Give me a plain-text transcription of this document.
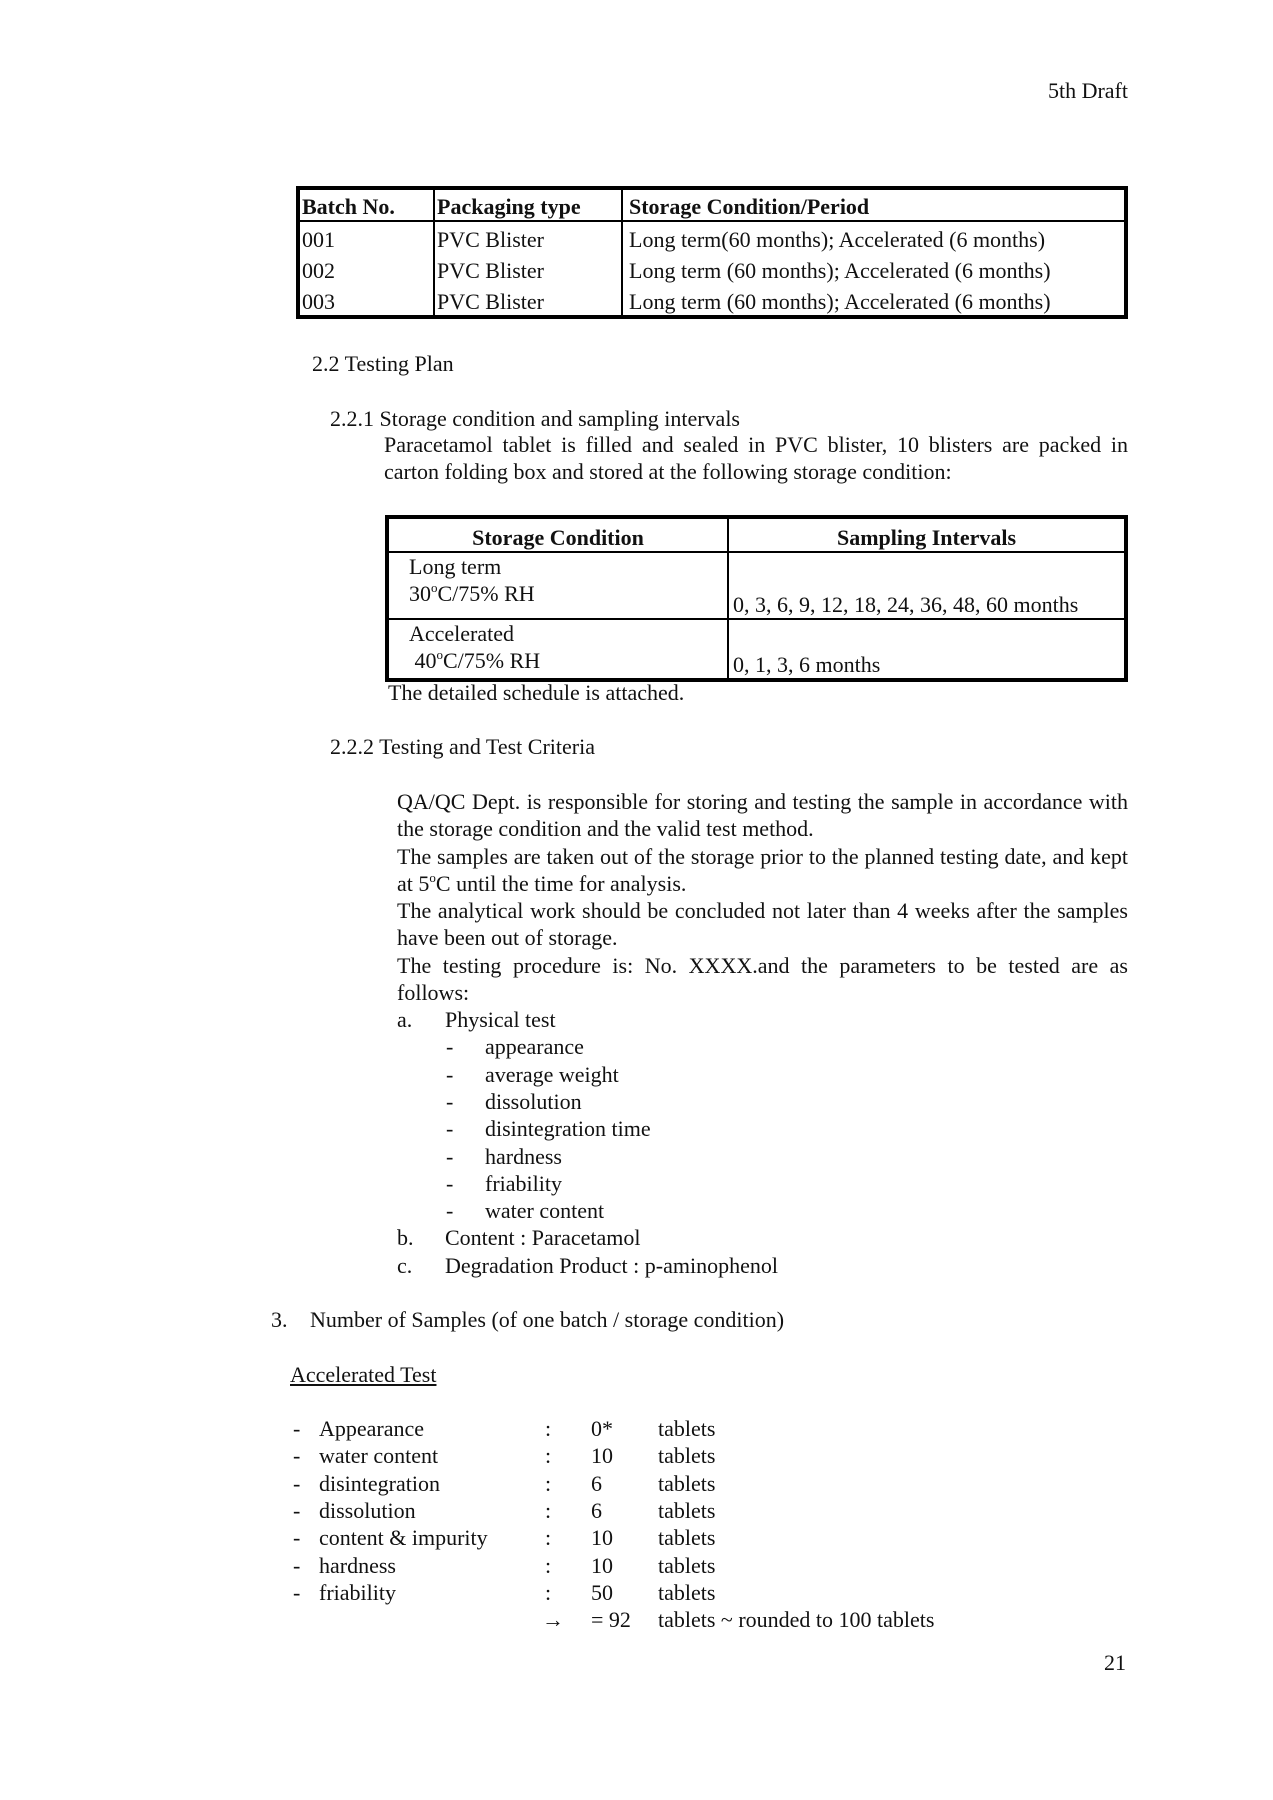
5th Draft
Batch No.	Packaging type	Storage Condition/Period
001	PVC Blister	Long term(60 months); Accelerated (6 months)
002	PVC Blister	Long term (60 months); Accelerated (6 months)
003	PVC Blister	Long term (60 months); Accelerated (6 months)
2.2 Testing Plan
2.2.1 Storage condition and sampling intervals
Paracetamol tablet is filled and sealed in PVC blister, 10 blisters are packed in carton folding box and stored at the following storage condition:
Storage Condition	Sampling Intervals
Long term
30$^o$C/75% RH	0, 3, 6, 9, 12, 18, 24, 36, 48, 60 months
Accelerated
40$^o$C/75% RH	0, 1, 3, 6 months
The detailed schedule is attached.
2.2.2 Testing and Test Criteria

QA/QC Dept. is responsible for storing and testing the sample in accordance with the storage condition and the valid test method.

The samples are taken out of the storage prior to the planned testing date, and kept at 5$^o$C until the time for analysis.

The analytical work should be concluded not later than 4 weeks after the samples have been out of storage.

The testing procedure is: No. XXXX.and the parameters to be tested are as follows:

a. Physical test
- appearance
- average weight
- dissolution
- disintegration time
- hardness
- friability
- water content
b. Content : Paracetamol
c. Degradation Product : p-aminophenol
3. Number of Samples (of one batch / storage condition)
Accelerated Test
- Appearance	: 0* tablets
- water content	: 10 tablets
- disintegration	: 6	tablets
- dissolution	: 6	tablets
- content & impurity	: 10 tablets
- hardness	: 10 tablets
- friability	: 50 tablets
→ = 92 tablets ~ rounded to 100 tablets
21
